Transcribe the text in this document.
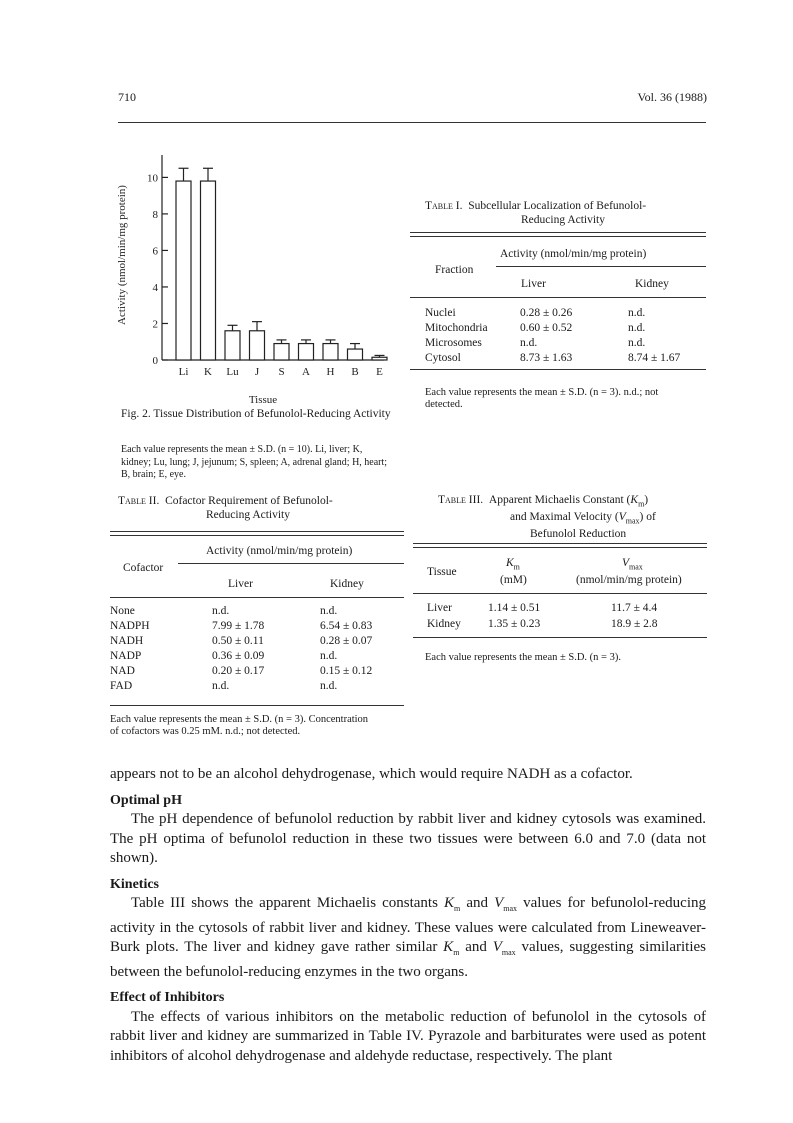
710	Vol. 36 (1988)
0
2
4
6
8
10
Activity (nmol/min/mg protein)
Li K Lu J S A H B E
Tissue
Fig. 2. Tissue Distribution of Befunolol-Reducing Activity
Each value represents the mean ± S.D. (n = 10). Li, liver; K, kidney; Lu, lung; J, jejunum; S, spleen; A, adrenal gland; H, heart; B, brain; E, eye.
Table I. Subcellular Localization of Befunolol-
Reducing Activity
Activity (nmol/min/mg protein)
Fraction
Liver	Kidney
Nuclei	0.28 ± 0.26	n.d.
Mitochondria	0.60 ± 0.52	n.d.
Microsomes	n.d.	n.d.
Cytosol	8.73 ± 1.63	8.74 ± 1.67
Each value represents the mean ± S.D. (n = 3). n.d.; not
detected.
Table II. Cofactor Requirement of Befunolol-
Reducing Activity
Activity (nmol/min/mg protein)
Cofactor
Liver	Kidney
None	n.d.	n.d.
NADPH	7.99 ± 1.78	6.54 ± 0.83
NADH	0.50 ± 0.11	0.28 ± 0.07
NADP	0.36 ± 0.09	n.d.
NAD	0.20 ± 0.17	0.15 ± 0.12
FAD	n.d.	n.d.
Each value represents the mean ± S.D. (n = 3). Concentration
of cofactors was 0.25 mM. n.d.; not detected.
Table III.  Apparent Michaelis Constant $(K_m)$
and Maximal Velocity $(V_{max})$ of
Befunolol Reduction
Tissue
$K_m$
(mM)
$V_{max}$
(nmol/min/mg protein)
Liver	1.14 ± 0.51	11.7 ± 4.4
Kidney 1.35 ± 0.23	18.9 ± 2.8
Each value represents the mean ± S.D. (n = 3).
appears not to be an alcohol dehydrogenase, which would require NADH as a cofactor.
Optimal pH

The pH dependence of befunolol reduction by rabbit liver and kidney cytosols was examined. The pH optima of befunolol reduction in these two tissues were between 6.0 and 7.0 (data not shown).

Kinetics

Table III shows the apparent Michaelis constants $K_m$ and $V_{max}$ values for befunolol-reducing activity in the cytosols of rabbit liver and kidney. These values were calculated from Lineweaver-Burk plots. The liver and kidney gave rather similar $K_m$ and $V_{max}$ values, suggesting similarities between the befunolol-reducing enzymes in the two organs.

Effect of Inhibitors

The effects of various inhibitors on the metabolic reduction of befunolol in the cytosols of rabbit liver and kidney are summarized in Table IV. Pyrazole and barbiturates were used as potent inhibitors of alcohol dehydrogenase and aldehyde reductase, respectively. The plant
